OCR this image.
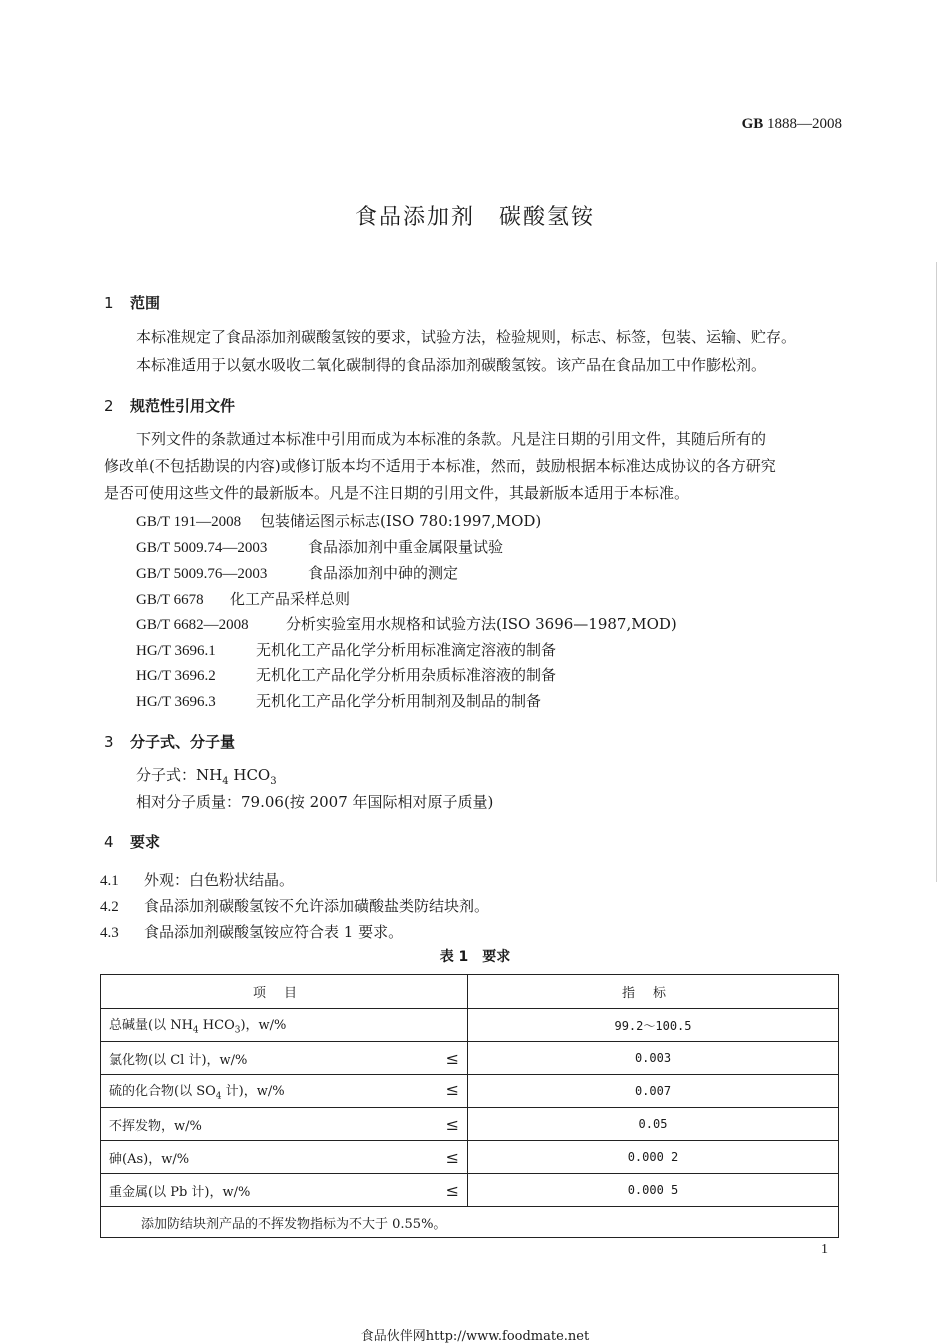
GB 1888—2008
食品添加剂　碳酸氢铵
1 范围
本标准规定了食品添加剂碳酸氢铵的要求，试验方法，检验规则，标志、标签，包装、运输、贮存。
本标准适用于以氨水吸收二氧化碳制得的食品添加剂碳酸氢铵。该产品在食品加工中作膨松剂。
2 规范性引用文件
下列文件的条款通过本标准中引用而成为本标准的条款。凡是注日期的引用文件，其随后所有的
修改单(不包括勘误的内容)或修订版本均不适用于本标准，然而，鼓励根据本标准达成协议的各方研究
是否可使用这些文件的最新版本。凡是不注日期的引用文件，其最新版本适用于本标准。
GB/T 191—2008 包装储运图示标志(ISO 780:1997,MOD)
GB/T 5009.74—2003	食品添加剂中重金属限量试验
GB/T 5009.76—2003	食品添加剂中砷的测定
GB/T 6678 化工产品采样总则
GB/T 6682—2008 分析实验室用水规格和试验方法(ISO 3696—1987,MOD)
HG/T 3696.1	无机化工产品化学分析用标准滴定溶液的制备
HG/T 3696.2	无机化工产品化学分析用杂质标准溶液的制备
HG/T 3696.3	无机化工产品化学分析用制剂及制品的制备
3 分子式、分子量
分子式：$NH_4$ $HCO_3$
相对分子质量：79.06(按 2007 年国际相对原子质量)
4 要求
4.1 外观：白色粉状结晶。
4.2 食品添加剂碳酸氢铵不允许添加磺酸盐类防结块剂。
4.3 食品添加剂碳酸氢铵应符合表 1 要求。
表 1　要求
项目	指标
总碱量(以 $NH_4$ $HCO_3$)，w/%	99.2～100.5
氯化物(以 Cl 计)，w/% ≤	0.003
硫的化合物(以 $SO_4$ 计)，w/% ≤	0.007
不挥发物，w/% ≤	0.05
砷(As)，w/% ≤	0.000 2
重金属(以 Pb 计)，w/% ≤	0.000 5
添加防结块剂产品的不挥发物指标为不大于 0.55%。	
1
食品伙伴网http://www.foodmate.net
